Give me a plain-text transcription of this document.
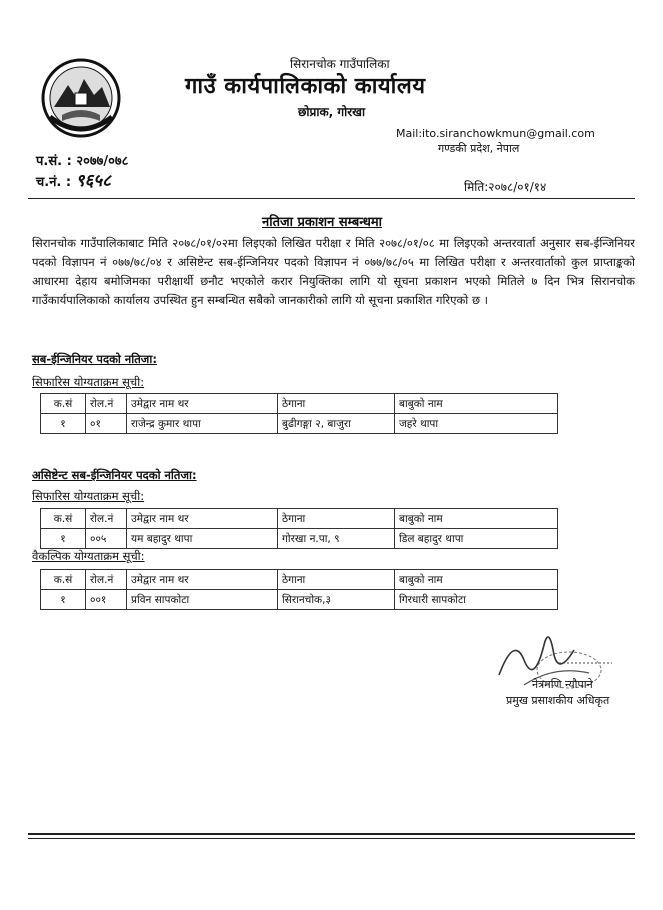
सिरानचोक गाउँपालिका
गाउँ कार्यपालिकाको कार्यालय
छोप्राक, गोरखा
Mail:ito.siranchowkmun@gmail.com
गण्डकी प्रदेश, नेपाल
प.सं. : २०७७/०७८
च.नं. : ९६५८	मिति:२०७८/०१/१४
नतिजा प्रकाशन सम्बन्धमा
सिरानचोक गाउँपालिकाबाट मिति २०७८/०१/०२मा लिइएको लिखित परीक्षा र मिति २०७८/०१/०८ मा लिइएको अन्तरवार्ता अनुसार सब-ईन्जिनियर पदको विज्ञापन नं ०७७/७८/०४ र असिष्टेन्ट सब-ईन्जिनियर पदको विज्ञापन नं ०७७/७८/०५ मा लिखित परीक्षा र अन्तरवार्ताको कुल प्राप्ताङ्कको आधारमा देहाय बमोजिमका परीक्षार्थी छनौट भएकोले करार नियुक्तिका लागि यो सूचना प्रकाशन भएको मितिले ७ दिन भित्र सिरानचोक गाउँकार्यपालिकाको कार्यालय उपस्थित हुन सम्बन्धित सबैको जानकारीको लागि यो सूचना प्रकाशित गरिएको छ ।
सब-ईन्जिनियर पदको नतिजा:
सिफारिस योग्यताक्रम सूची:
क.सं	रोल.नं	उमेद्वार नाम थर	ठेगाना	बाबुको नाम
१	०१	राजेन्द्र कुमार थापा	बुढीगङ्गा २, बाजुरा	जहरे थापा
असिष्टेन्ट सब-ईन्जिनियर पदको नतिजा:
सिफारिस योग्यताक्रम सूची:
क.सं	रोल.नं	उमेद्वार नाम थर	ठेगाना	बाबुको नाम
१	००५	यम बहादुर थापा	गोरखा न.पा, ९	डिल बहादुर थापा
वैकल्पिक योग्यताक्रम सूची:
क.सं	रोल.नं	उमेद्वार नाम थर	ठेगाना	बाबुको नाम
१	००१	प्रविन सापकोटा	सिरानचोक,३	गिरधारी सापकोटा
नेत्रमणि न्यौपाने
प्रमुख प्रसाशकीय अधिकृत
